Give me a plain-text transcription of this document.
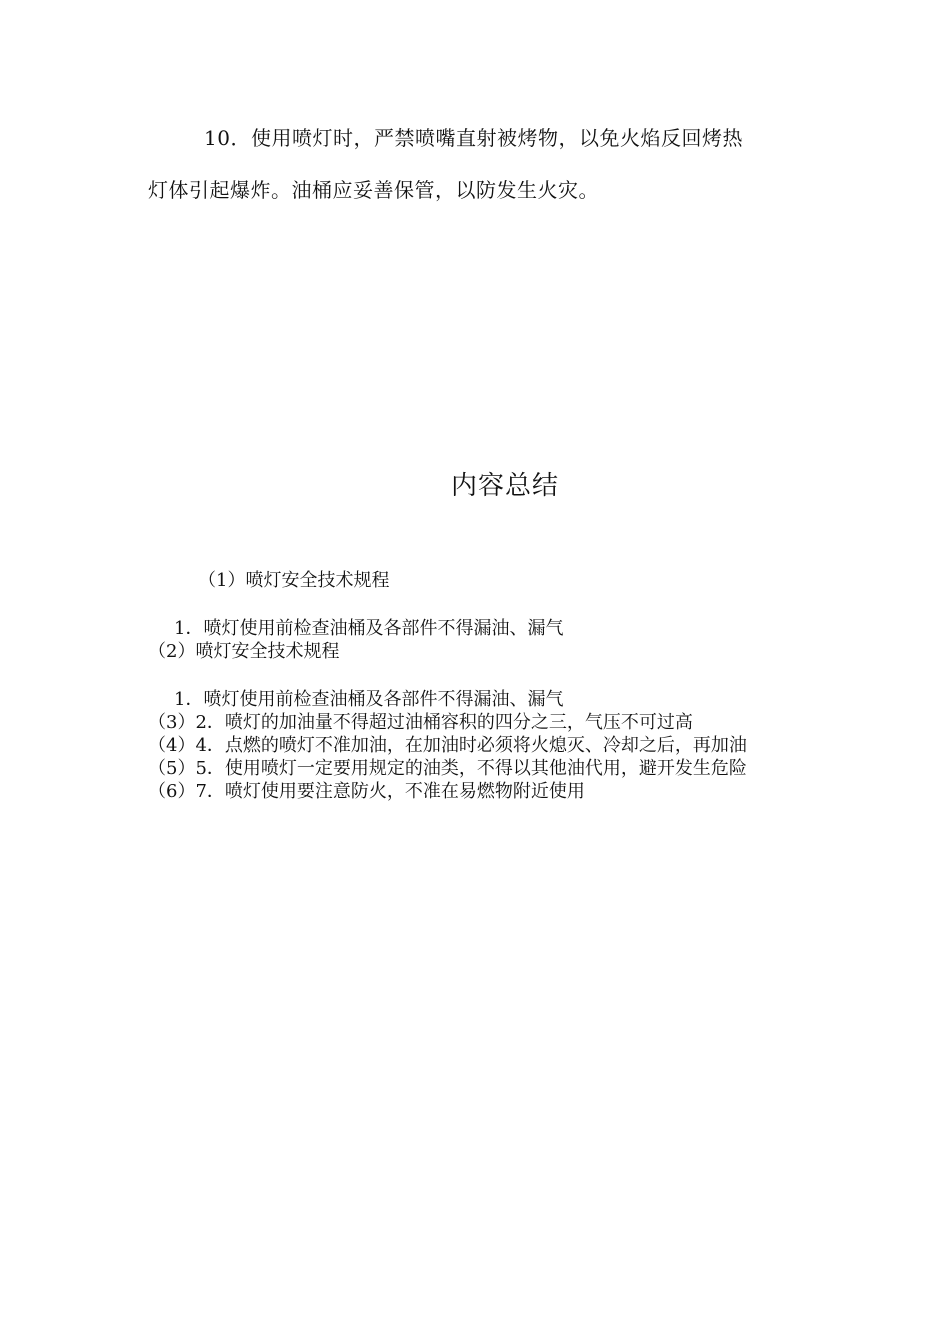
10．使用喷灯时，严禁喷嘴直射被烤物，以免火焰反回烤热
灯体引起爆炸。油桶应妥善保管，以防发生火灾。
内容总结
（1）喷灯安全技术规程
1．喷灯使用前检查油桶及各部件不得漏油、漏气
（2）喷灯安全技术规程
1．喷灯使用前检查油桶及各部件不得漏油、漏气
（3）2．喷灯的加油量不得超过油桶容积的四分之三，气压不可过高
（4）4．点燃的喷灯不准加油，在加油时必须将火熄灭、冷却之后，再加油
（5）5．使用喷灯一定要用规定的油类，不得以其他油代用，避开发生危险
（6）7．喷灯使用要注意防火，不准在易燃物附近使用
